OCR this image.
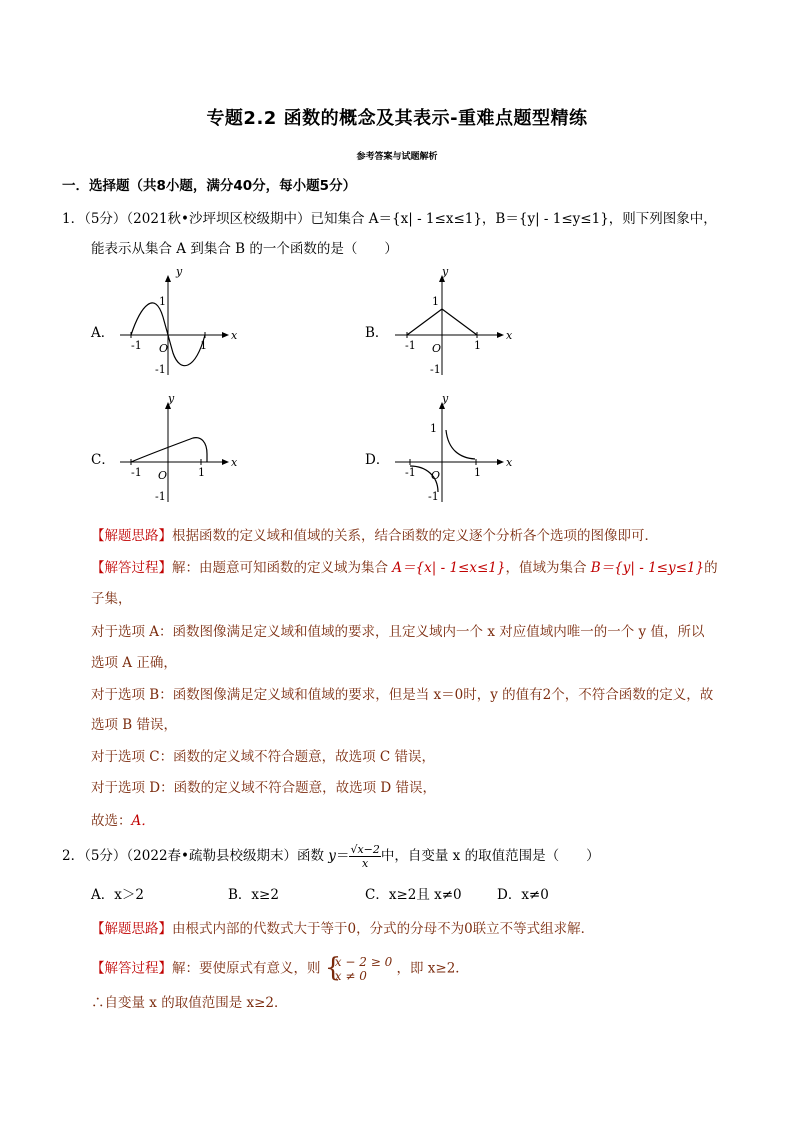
专题2.2 函数的概念及其表示-重难点题型精练
参考答案与试题解析
一．选择题（共8小题，满分40分，每小题5分）
1．（5分）（2021秋•沙坪坝区校级期中）已知集合 A＝{x| - 1≤x≤1}，B＝{y| - 1≤y≤1}，则下列图象中，
能表示从集合 A 到集合 B 的一个函数的是（　　）
A．
y
x
1
-1 O	1
-1
B．
y
x
1
-1 O	1
-1
C．
y
x
-1 O	1
-1
D．
y
x
1
-1 O	1
-1
【解题思路】根据函数的定义域和值域的关系，结合函数的定义逐个分析各个选项的图像即可．
【解答过程】解：由题意可知函数的定义域为集合 A＝{x| - 1≤x≤1}，值域为集合 B＝{y| - 1≤y≤1}的
子集，
对于选项 A：函数图像满足定义域和值域的要求，且定义域内一个 x 对应值域内唯一的一个 y 值，所以
选项 A 正确，
对于选项 B：函数图像满足定义域和值域的要求，但是当 x＝0时，y 的值有2个，不符合函数的定义，故
选项 B 错误，
对于选项 C：函数的定义域不符合题意，故选项 C 错误，
对于选项 D：函数的定义域不符合题意，故选项 D 错误，
故选：A．
2．（5分）（2022春•疏勒县校级期末）函数 $y= \frac{√x-2}{x}$ 中，自变量 x 的取值范围是（　　）
A．x＞2	B．x≥2	C．x≥2且 x≠0	D．x≠0
【解题思路】由根式内部的代数式大于等于0，分式的分母不为0联立不等式组求解．
【解答过程】解：要使原式有意义，则 {
x − 2 ≥ 0
x ≠ 0	，即 x≥2．
∴自变量 x 的取值范围是 x≥2．
